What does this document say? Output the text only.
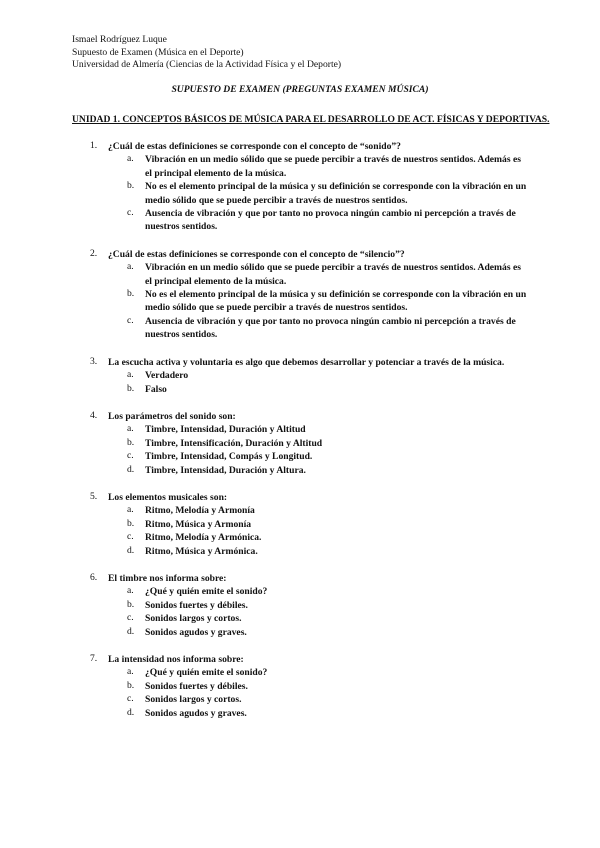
Ismael Rodríguez Luque
Supuesto de Examen (Música en el Deporte)
Universidad de Almería (Ciencias de la Actividad Física y el Deporte)
SUPUESTO DE EXAMEN (PREGUNTAS EXAMEN MÚSICA)
UNIDAD 1. CONCEPTOS BÁSICOS DE MÚSICA PARA EL DESARROLLO DE ACT. FÍSICAS Y DEPORTIVAS.
1.	¿Cuál de estas definiciones se corresponde con el concepto de “sonido”?
a.	Vibración en un medio sólido que se puede percibir a través de nuestros sentidos. Además es el principal elemento de la música.
b.	No es el elemento principal de la música y su definición se corresponde con la vibración en un medio sólido que se puede percibir a través de nuestros sentidos.
c.	Ausencia de vibración y que por tanto no provoca ningún cambio ni percepción a través de nuestros sentidos.
2.	¿Cuál de estas definiciones se corresponde con el concepto de “silencio”?
a.	Vibración en un medio sólido que se puede percibir a través de nuestros sentidos. Además es el principal elemento de la música.
b.	No es el elemento principal de la música y su definición se corresponde con la vibración en un medio sólido que se puede percibir a través de nuestros sentidos.
c.	Ausencia de vibración y que por tanto no provoca ningún cambio ni percepción a través de nuestros sentidos.
3.	La escucha activa y voluntaria es algo que debemos desarrollar y potenciar a través de la música.
a.	Verdadero
b.	Falso
4.	Los parámetros del sonido son:
a.	Timbre, Intensidad, Duración y Altitud
b.	Timbre, Intensificación, Duración y Altitud
c.	Timbre, Intensidad, Compás y Longitud.
d.	Timbre, Intensidad, Duración y Altura.
5.	Los elementos musicales son:
a.	Ritmo, Melodía y Armonía
b.	Ritmo, Música y Armonía
c.	Ritmo, Melodía y Armónica.
d.	Ritmo, Música y Armónica.
6.	El timbre nos informa sobre:
a.	¿Qué y quién emite el sonido?
b.	Sonidos fuertes y débiles.
c.	Sonidos largos y cortos.
d.	Sonidos agudos y graves.
7.	La intensidad nos informa sobre:
a.	¿Qué y quién emite el sonido?
b.	Sonidos fuertes y débiles.
c.	Sonidos largos y cortos.
d.	Sonidos agudos y graves.
